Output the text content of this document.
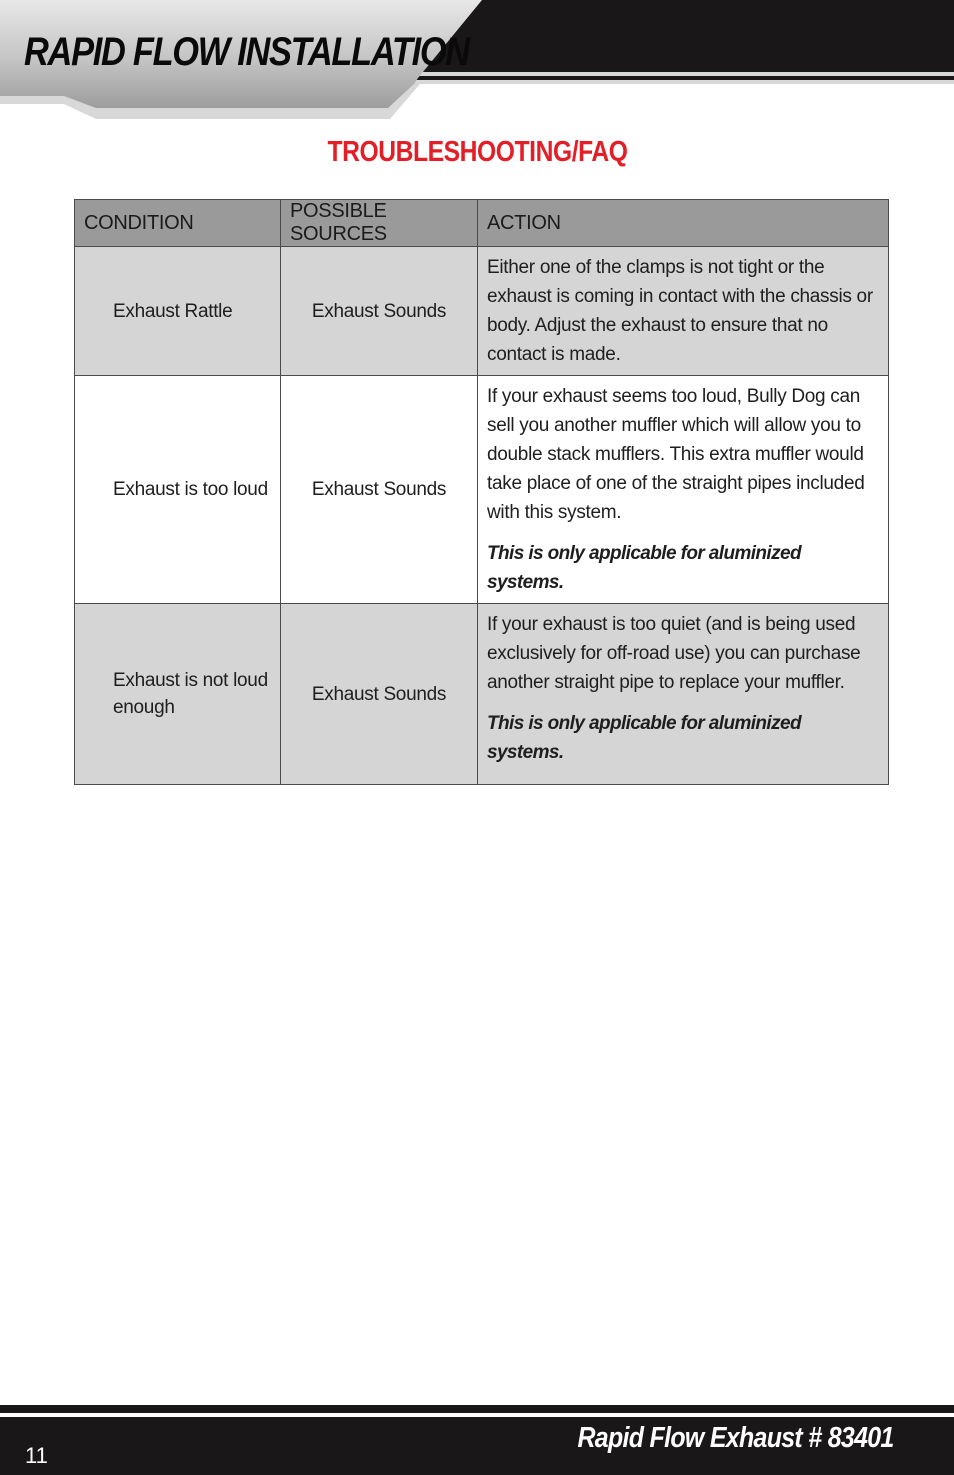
RAPID FLOW INSTALLATION
TROUBLESHOOTING/FAQ
CONDITION	POSSIBLE SOURCES	ACTION
Exhaust Rattle	Exhaust Sounds	Either one of the clamps is not tight or the exhaust is coming in contact with the chassis or body. Adjust the exhaust to ensure that no contact is made.

Exhaust is too loud	Exhaust Sounds	If your exhaust seems too loud, Bully Dog can sell you another muffler which will allow you to double stack mufflers. This extra muffler would take place of one of the straight pipes included with this system.
This is only applicable for aluminized systems.

Exhaust is not loud enough	Exhaust Sounds	If your exhaust is too quiet (and is being used exclusively for off-road use) you can purchase another straight pipe to replace your muffler.
This is only applicable for aluminized systems.
11
Rapid Flow Exhaust # 83401
